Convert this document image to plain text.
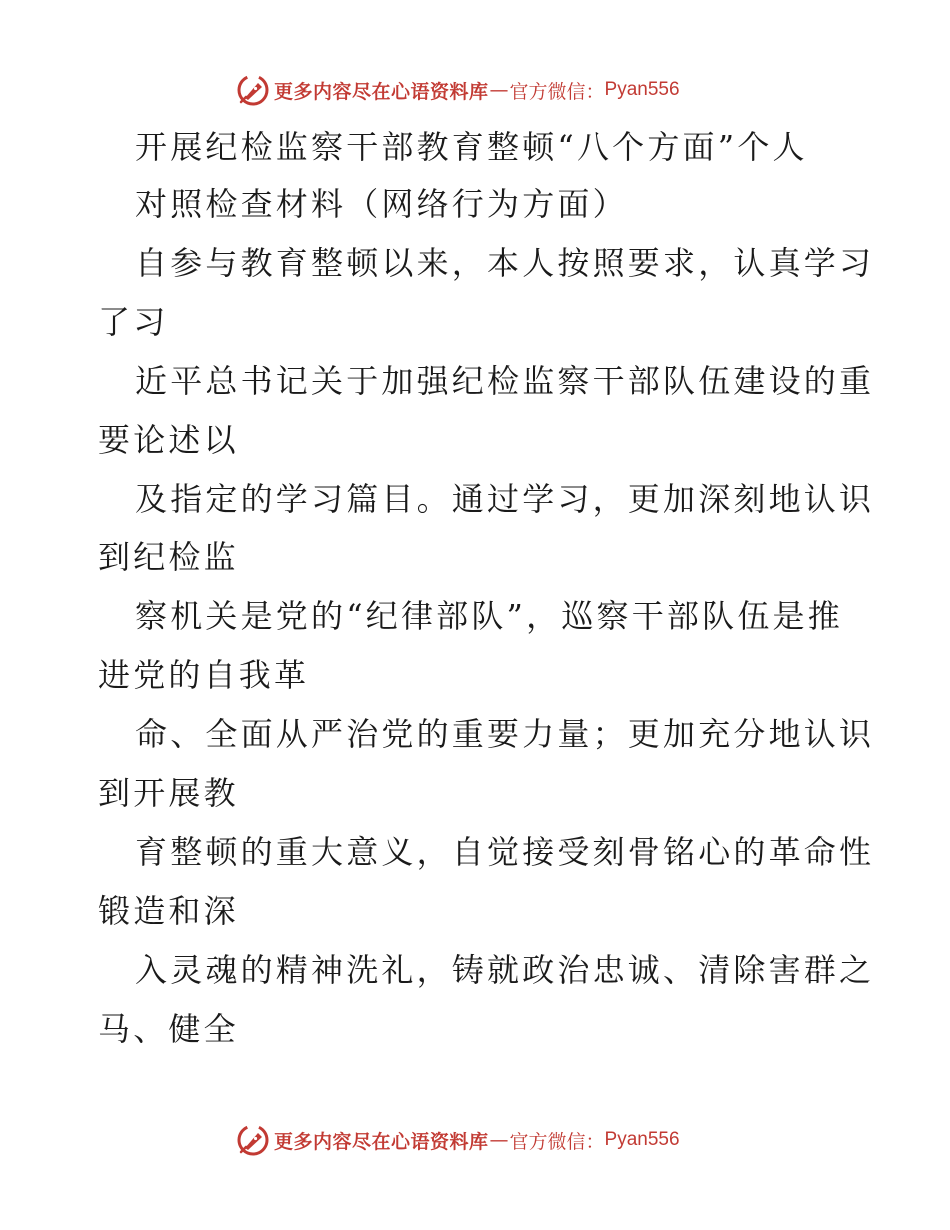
更多内容尽在心语资料库 — 官方微信： Pyan556
开展纪检监察干部教育整顿“八个方面”个人
对照检查材料（网络行为方面）
自参与教育整顿以来，本人按照要求，认真学习
了习
近平总书记关于加强纪检监察干部队伍建设的重
要论述以
及指定的学习篇目。通过学习，更加深刻地认识
到纪检监
察机关是党的“纪律部队”，巡察干部队伍是推
进党的自我革
命、全面从严治党的重要力量；更加充分地认识
到开展教
育整顿的重大意义，自觉接受刻骨铭心的革命性
锻造和深
入灵魂的精神洗礼，铸就政治忠诚、清除害群之
马、健全
更多内容尽在心语资料库 — 官方微信： Pyan556
